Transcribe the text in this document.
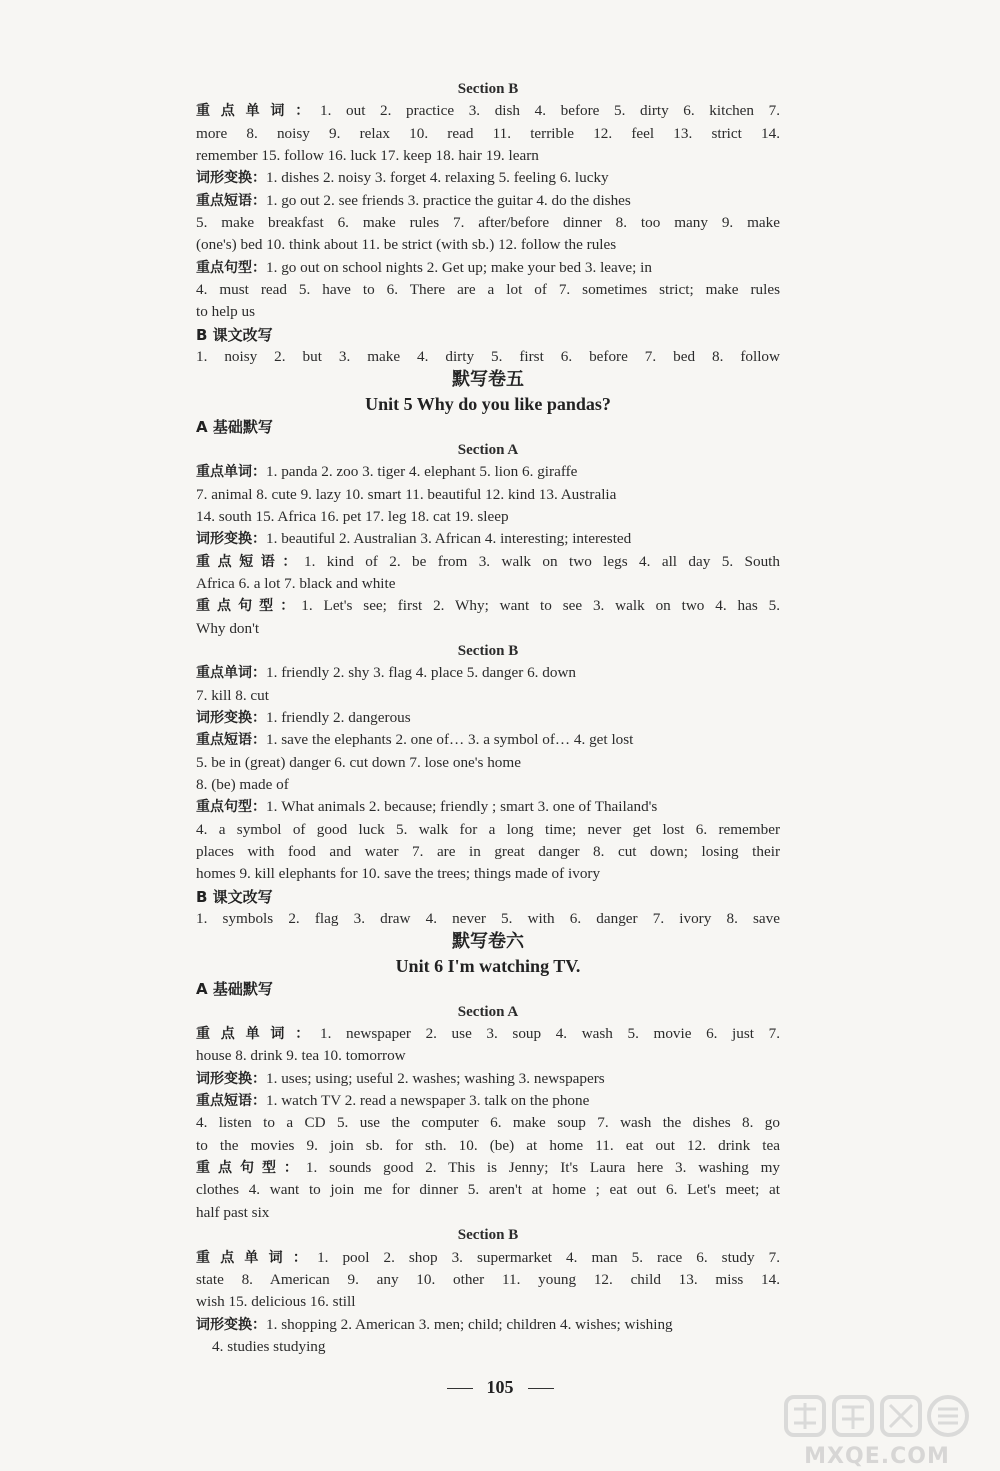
Section B
重点单词：1. out 2. practice 3. dish 4. before 5. dirty 6. kitchen 7.
more 8. noisy 9. relax 10. read 11. terrible 12. feel 13. strict 14.
remember 15. follow 16. luck 17. keep 18. hair 19. learn
词形变换：1. dishes 2. noisy 3. forget 4. relaxing 5. feeling 6. lucky
重点短语：1. go out 2. see friends 3. practice the guitar 4. do the dishes
5. make breakfast 6. make rules 7. after/before dinner 8. too many 9. make
(one's) bed 10. think about 11. be strict (with sb.) 12. follow the rules
重点句型：1. go out on school nights 2. Get up; make your bed 3. leave; in
4. must read 5. have to 6. There are a lot of 7. sometimes strict; make rules
to help us
B 课文改写
1. noisy 2. but 3. make 4. dirty 5. first 6. before 7. bed 8. follow
默写卷五
Unit 5 Why do you like pandas?
A 基础默写
Section A
重点单词：1. panda 2. zoo 3. tiger 4. elephant 5. lion 6. giraffe
7. animal 8. cute 9. lazy 10. smart 11. beautiful 12. kind 13. Australia
14. south 15. Africa 16. pet 17. leg 18. cat 19. sleep
词形变换：1. beautiful 2. Australian 3. African 4. interesting; interested
重点短语：1. kind of 2. be from 3. walk on two legs 4. all day 5. South
Africa 6. a lot 7. black and white
重点句型：1. Let's see; first 2. Why; want to see 3. walk on two 4. has 5.
Why don't
Section B
重点单词：1. friendly 2. shy 3. flag 4. place 5. danger 6. down
7. kill 8. cut
词形变换：1. friendly 2. dangerous
重点短语：1. save the elephants 2. one of… 3. a symbol of… 4. get lost
5. be in (great) danger 6. cut down 7. lose one's home
8. (be) made of
重点句型：1. What animals 2. because; friendly ; smart 3. one of Thailand's
4. a symbol of good luck 5. walk for a long time; never get lost 6. remember
places with food and water 7. are in great danger 8. cut down; losing their
homes 9. kill elephants for 10. save the trees; things made of ivory
B 课文改写
1. symbols 2. flag 3. draw 4. never 5. with 6. danger 7. ivory 8. save
默写卷六
Unit 6 I'm watching TV.
A 基础默写
Section A
重点单词：1. newspaper 2. use 3. soup 4. wash 5. movie 6. just 7.
house 8. drink 9. tea 10. tomorrow
词形变换：1. uses; using; useful 2. washes; washing 3. newspapers
重点短语：1. watch TV 2. read a newspaper 3. talk on the phone
4. listen to a CD 5. use the computer 6. make soup 7. wash the dishes 8. go
to the movies 9. join sb. for sth. 10. (be) at home 11. eat out 12. drink tea
重点句型：1. sounds good 2. This is Jenny; It's Laura here 3. washing my
clothes 4. want to join me for dinner 5. aren't at home ; eat out 6. Let's meet; at
half past six
Section B
重点单词：1. pool 2. shop 3. supermarket 4. man 5. race 6. study 7.
state 8. American 9. any 10. other 11. young 12. child 13. miss 14.
wish 15. delicious 16. still
词形变换：1. shopping 2. American 3. men; child; children 4. wishes; wishing
4. studies studying
105
MXQE.COM
